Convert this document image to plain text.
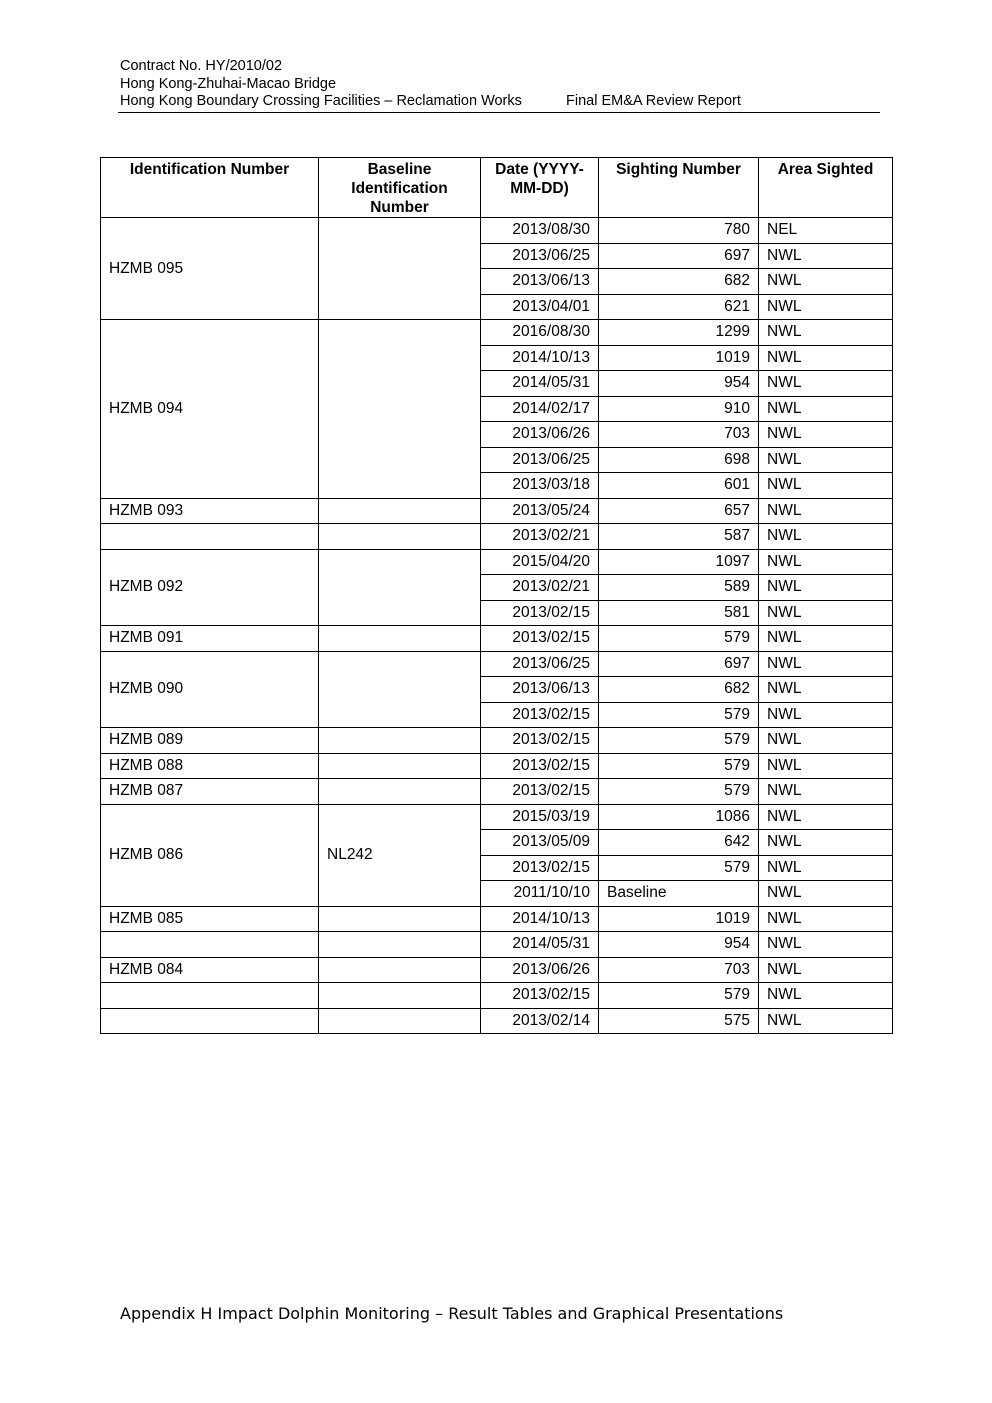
Contract No. HY/2010/02
Hong Kong-Zhuhai-Macao Bridge
Hong Kong Boundary Crossing Facilities – Reclamation Works	Final EM&A Review Report
Identification Number	Baseline Identification Number	Date (YYYY-MM-DD)	Sighting Number	Area Sighted
HZMB 095		2013/08/30	780	NEL
		2013/06/25	697	NWL
		2013/06/13	682	NWL
		2013/04/01	621	NWL
HZMB 094		2016/08/30	1299	NWL
		2014/10/13	1019	NWL
		2014/05/31	954	NWL
		2014/02/17	910	NWL
		2013/06/26	703	NWL
		2013/06/25	698	NWL
		2013/03/18	601	NWL
HZMB 093		2013/05/24	657	NWL
		2013/02/21	587	NWL
HZMB 092		2015/04/20	1097	NWL
		2013/02/21	589	NWL
		2013/02/15	581	NWL
HZMB 091		2013/02/15	579	NWL
HZMB 090		2013/06/25	697	NWL
		2013/06/13	682	NWL
		2013/02/15	579	NWL
HZMB 089		2013/02/15	579	NWL
HZMB 088		2013/02/15	579	NWL
HZMB 087		2013/02/15	579	NWL
HZMB 086	NL242	2015/03/19	1086	NWL
		2013/05/09	642	NWL
		2013/02/15	579	NWL
		2011/10/10	Baseline	NWL
HZMB 085		2014/10/13	1019	NWL
		2014/05/31	954	NWL
HZMB 084		2013/06/26	703	NWL
		2013/02/15	579	NWL
		2013/02/14	575	NWL
Appendix H Impact Dolphin Monitoring – Result Tables and Graphical Presentations
